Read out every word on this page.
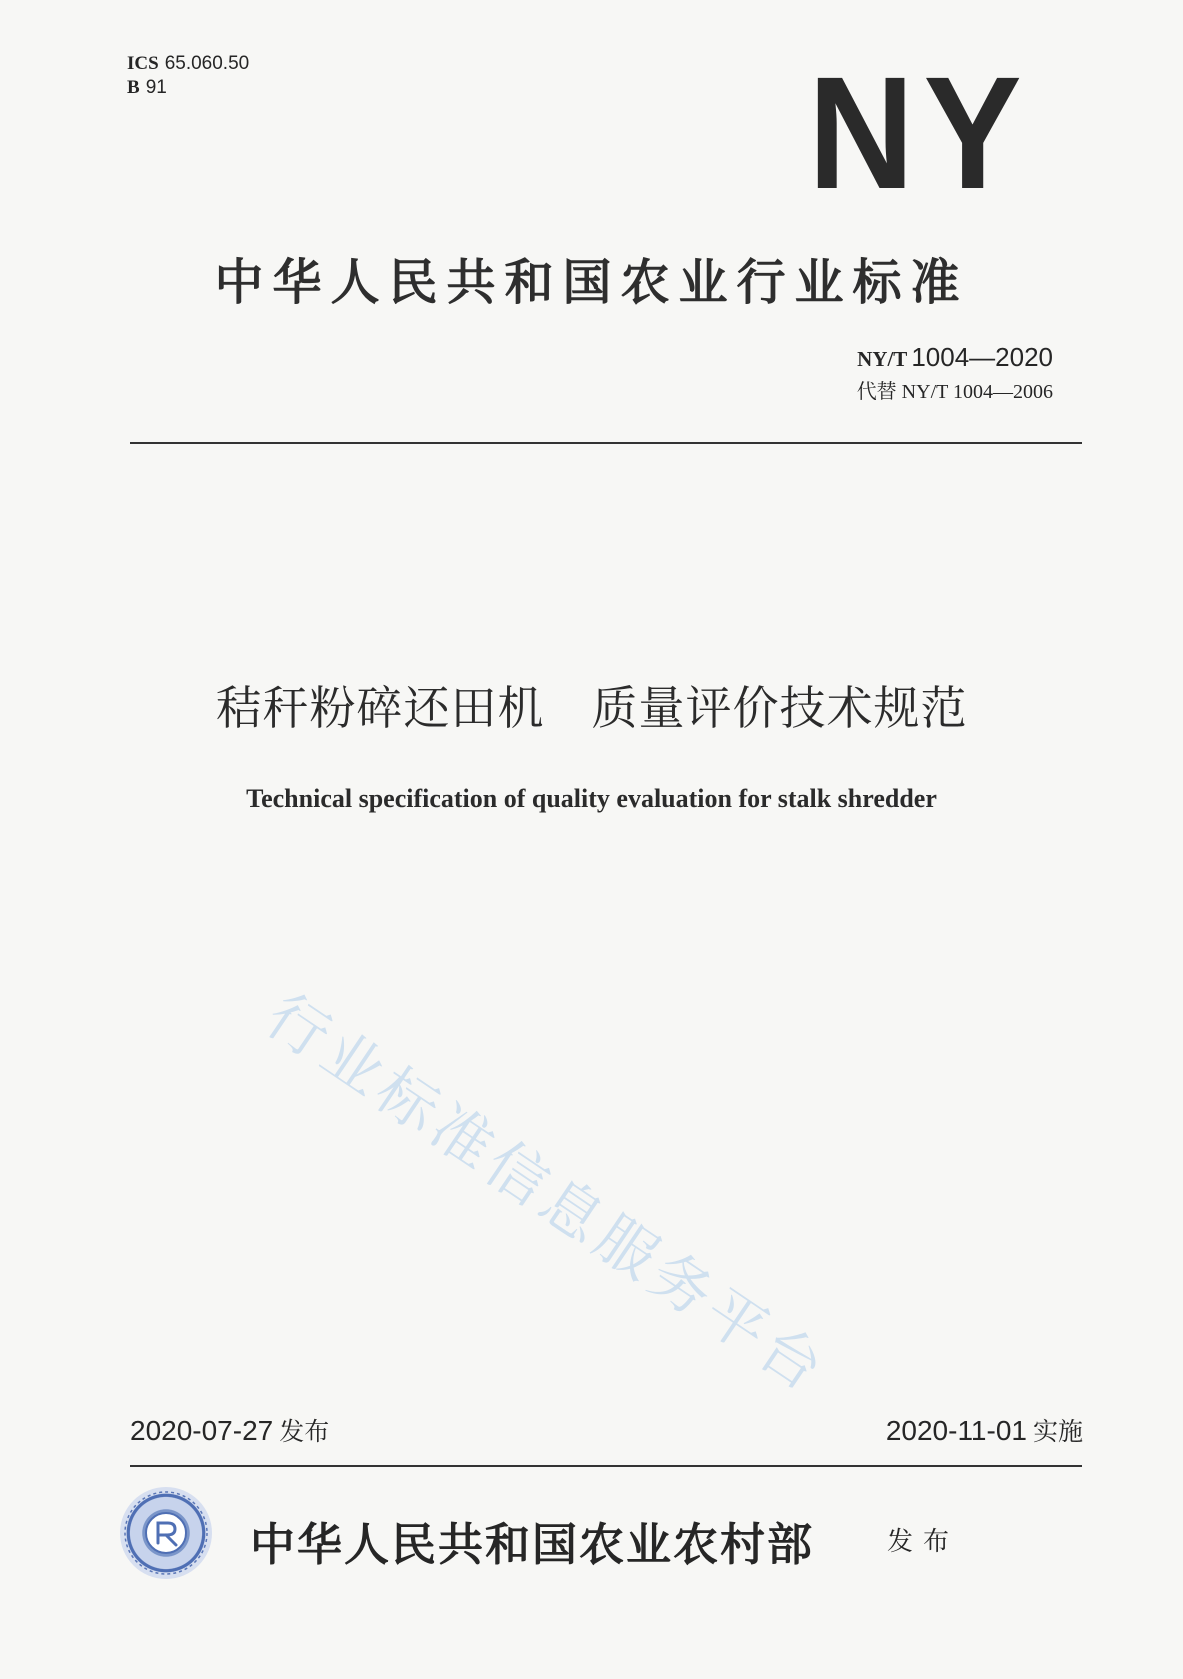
ICS 65.060.50
B 91	NY
中华人民共和国农业行业标准
NY/T 1004—2020
代替 NY/T 1004—2006
秸秆粉碎还田机　质量评价技术规范
Technical specification of quality evaluation for stalk shredder
行业标准信息服务平台
2020-07-27 发布	2020-11-01 实施
中华人民共和国农业农村部	发布
